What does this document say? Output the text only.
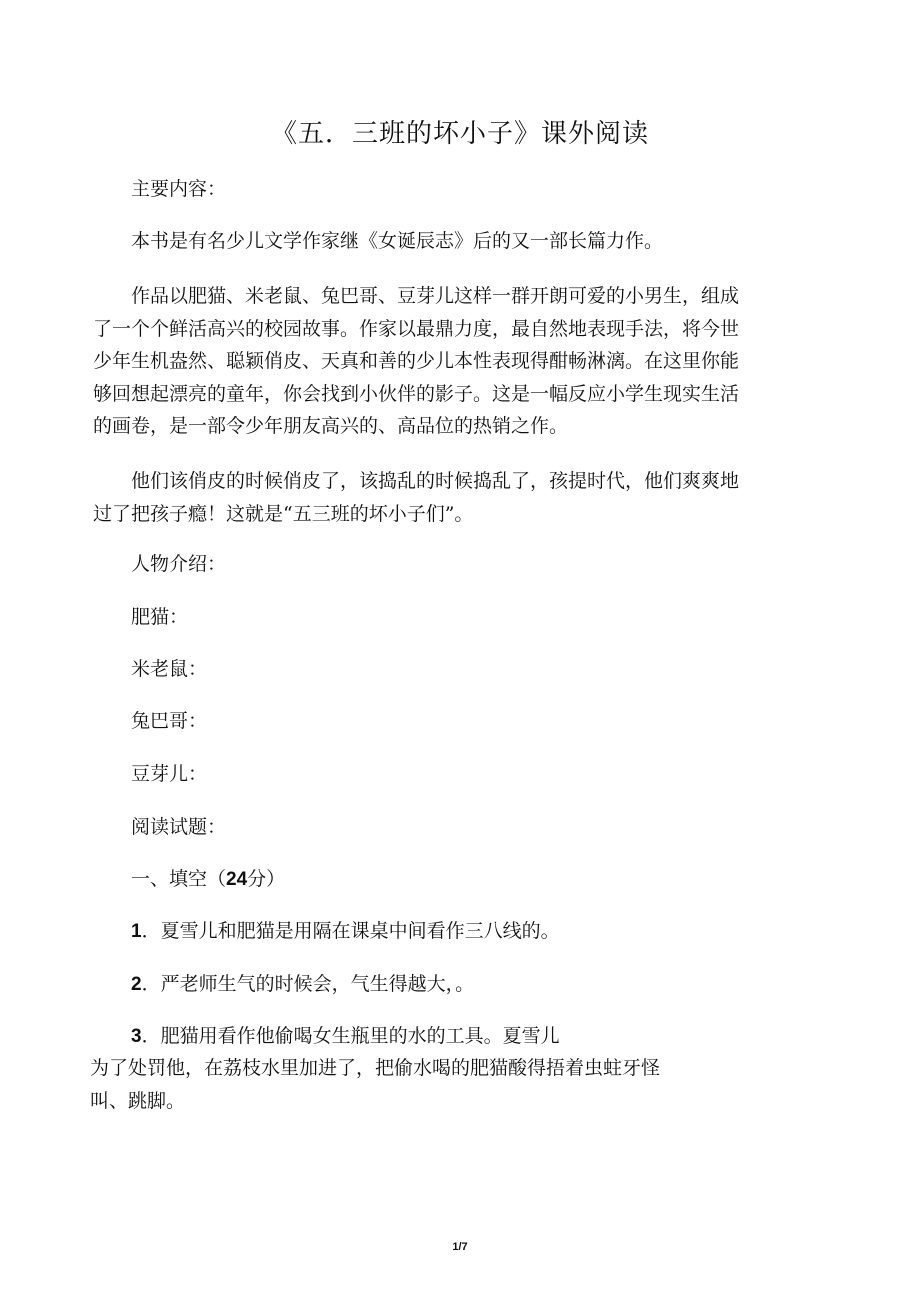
《五．三班的坏小子》课外阅读
主要内容：
本书是有名少儿文学作家继《女诞辰志》后的又一部长篇力作。
作品以肥猫、米老鼠、兔巴哥、豆芽儿这样一群开朗可爱的小男生，组成
了一个个鲜活高兴的校园故事。作家以最鼎力度，最自然地表现手法，将今世
少年生机盎然、聪颖俏皮、天真和善的少儿本性表现得酣畅淋漓。在这里你能
够回想起漂亮的童年，你会找到小伙伴的影子。这是一幅反应小学生现实生活
的画卷，是一部令少年朋友高兴的、高品位的热销之作。
他们该俏皮的时候俏皮了，该捣乱的时候捣乱了，孩提时代，他们爽爽地
过了把孩子瘾！这就是“五三班的坏小子们”。
人物介绍：
肥猫：
米老鼠：
兔巴哥：
豆芽儿：
阅读试题：
一、填空（24分）
1．夏雪儿和肥猫是用隔在课桌中间看作三八线的。
2．严老师生气的时候会，气生得越大，。
3．肥猫用看作他偷喝女生瓶里的水的工具。夏雪儿
为了处罚他，在荔枝水里加进了，把偷水喝的肥猫酸得捂着虫蛀牙怪
叫、跳脚。
1/7
